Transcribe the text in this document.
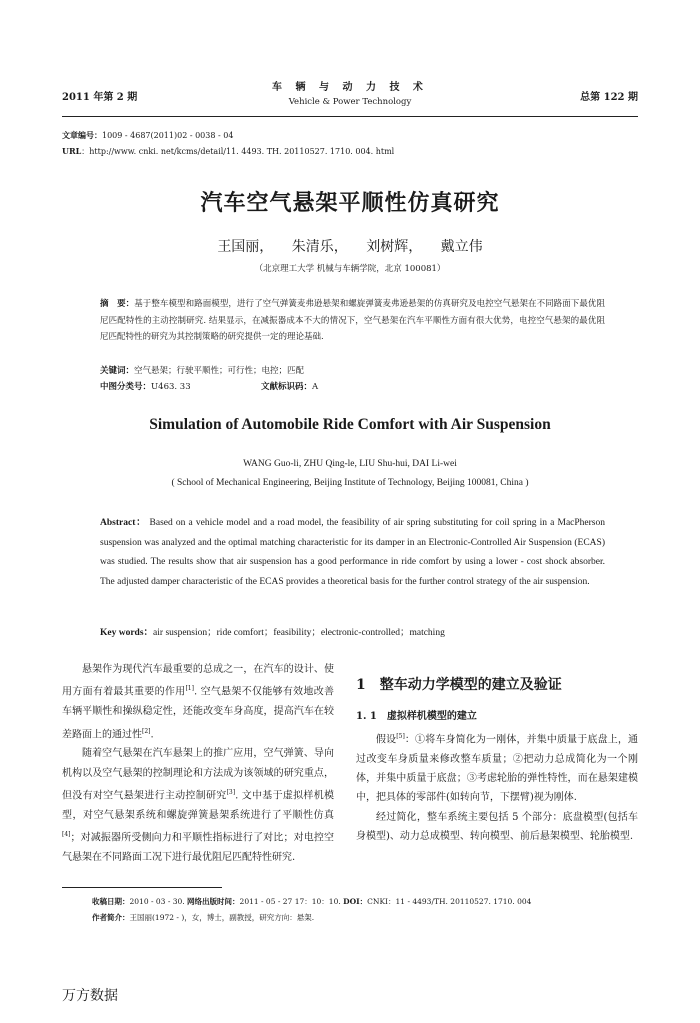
2011 年第 2 期
车 辆 与 动 力 技 术
Vehicle & Power Technology	总第 122 期
文章编号：1009 - 4687(2011)02 - 0038 - 04
URL：http://www. cnki. net/kcms/detail/11. 4493. TH. 20110527. 1710. 004. html
汽车空气悬架平顺性仿真研究
王国丽， 朱清乐， 刘树辉， 戴立伟
（北京理工大学 机械与车辆学院，北京 100081）
摘　要：基于整车模型和路面模型，进行了空气弹簧麦弗逊悬架和螺旋弹簧麦弗逊悬架的仿真研究及电控空气悬架在不同路面下最优阻尼匹配特性的主动控制研究. 结果显示，在减振器成本不大的情况下，空气悬架在汽车平顺性方面有很大优势，电控空气悬架的最优阻尼匹配特性的研究为其控制策略的研究提供一定的理论基础.
关键词：空气悬架；行驶平顺性；可行性；电控；匹配
中图分类号：U463. 33	文献标识码：A
Simulation of Automobile Ride Comfort with Air Suspension
WANG Guo-li, ZHU Qing-le, LIU Shu-hui, DAI Li-wei
( School of Mechanical Engineering, Beijing Institute of Technology, Beijing 100081, China )
Abstract： Based on a vehicle model and a road model, the feasibility of air spring substituting for coil spring in a MacPherson suspension was analyzed and the optimal matching characteristic for its damper in an Electronic-Controlled Air Suspension (ECAS) was studied. The results show that air suspension has a good performance in ride comfort by using a lower - cost shock absorber. The adjusted damper characteristic of the ECAS provides a theoretical basis for the further control strategy of the air suspension.
Key words：air suspension；ride comfort；feasibility；electronic-controlled；matching

悬架作为现代汽车最重要的总成之一，在汽车的设计、使用方面有着最其重要的作用[1]. 空气悬架不仅能够有效地改善车辆平顺性和操纵稳定性，还能改变车身高度，提高汽车在较差路面上的通过性[2].

随着空气悬架在汽车悬架上的推广应用，空气弹簧、导向机构以及空气悬架的控制理论和方法成为该领域的研究重点，但没有对空气悬架进行主动控制研究[3]. 文中基于虚拟样机模型，对空气悬架系统和螺旋弹簧悬架系统进行了平顺性仿真[4]；对减振器所受侧向力和平顺性指标进行了对比；对电控空气悬架在不同路面工况下进行最优阻尼匹配特性研究.

1　整车动力学模型的建立及验证
1. 1　虚拟样机模型的建立

假设[5]：①将车身简化为一刚体，并集中质量于底盘上，通过改变车身质量来修改整车质量；②把动力总成简化为一个刚体，并集中质量于底盘；③考虑轮胎的弹性特性，而在悬架建模中，把具体的零部件(如转向节，下摆臂)视为刚体.

经过简化，整车系统主要包括 5 个部分：底盘模型(包括车身模型)、动力总成模型、转向模型、前后悬架模型、轮胎模型.

收稿日期：2010 - 03 - 30. 网络出版时间：2011 - 05 - 27 17：10：10. DOI：CNKI：11 - 4493/TH. 20110527. 1710. 004
作者简介：王国丽(1972 - )，女，博士，副教授，研究方向：悬架.
万方数据
